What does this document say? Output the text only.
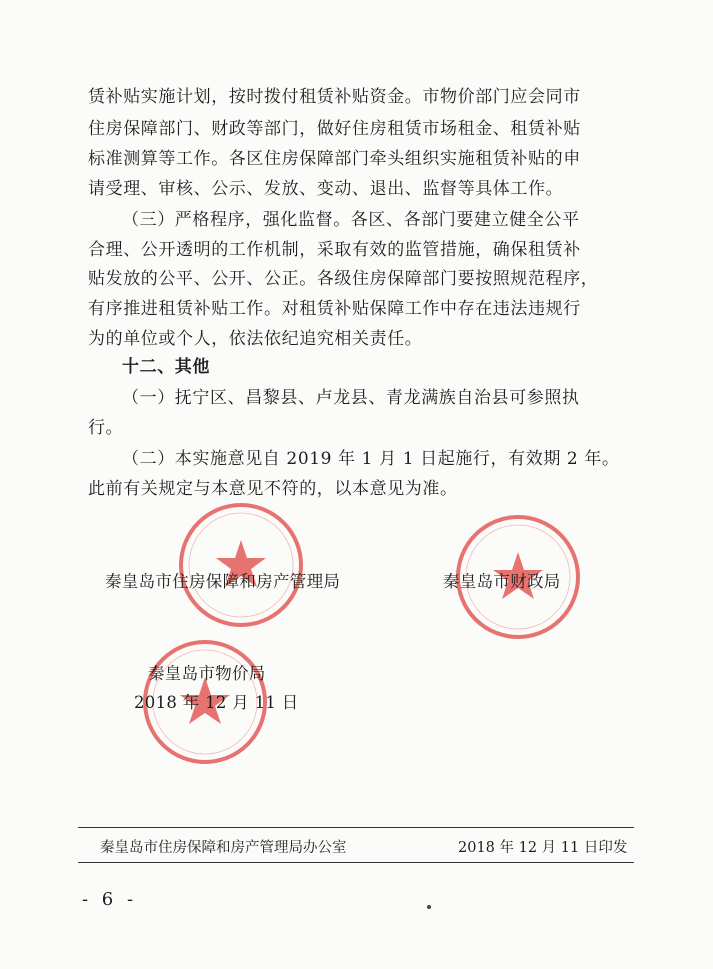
赁补贴实施计划，按时拨付租赁补贴资金。市物价部门应会同市
住房保障部门、财政等部门，做好住房租赁市场租金、租赁补贴
标准测算等工作。各区住房保障部门牵头组织实施租赁补贴的申
请受理、审核、公示、发放、变动、退出、监督等具体工作。
（三）严格程序，强化监督。各区、各部门要建立健全公平
合理、公开透明的工作机制，采取有效的监管措施，确保租赁补
贴发放的公平、公开、公正。各级住房保障部门要按照规范程序，
有序推进租赁补贴工作。对租赁补贴保障工作中存在违法违规行
为的单位或个人，依法依纪追究相关责任。
十二、其他
（一）抚宁区、昌黎县、卢龙县、青龙满族自治县可参照执
行。
（二）本实施意见自 2019 年 1 月 1 日起施行，有效期 2 年。
此前有关规定与本意见不符的，以本意见为准。
秦皇岛市住房保障和房产管理局	秦皇岛市财政局
秦皇岛市物价局
2018 年 12 月 11 日
秦皇岛市住房保障和房产管理局办公室	2018 年 12 月 11 日印发
- 6 -
